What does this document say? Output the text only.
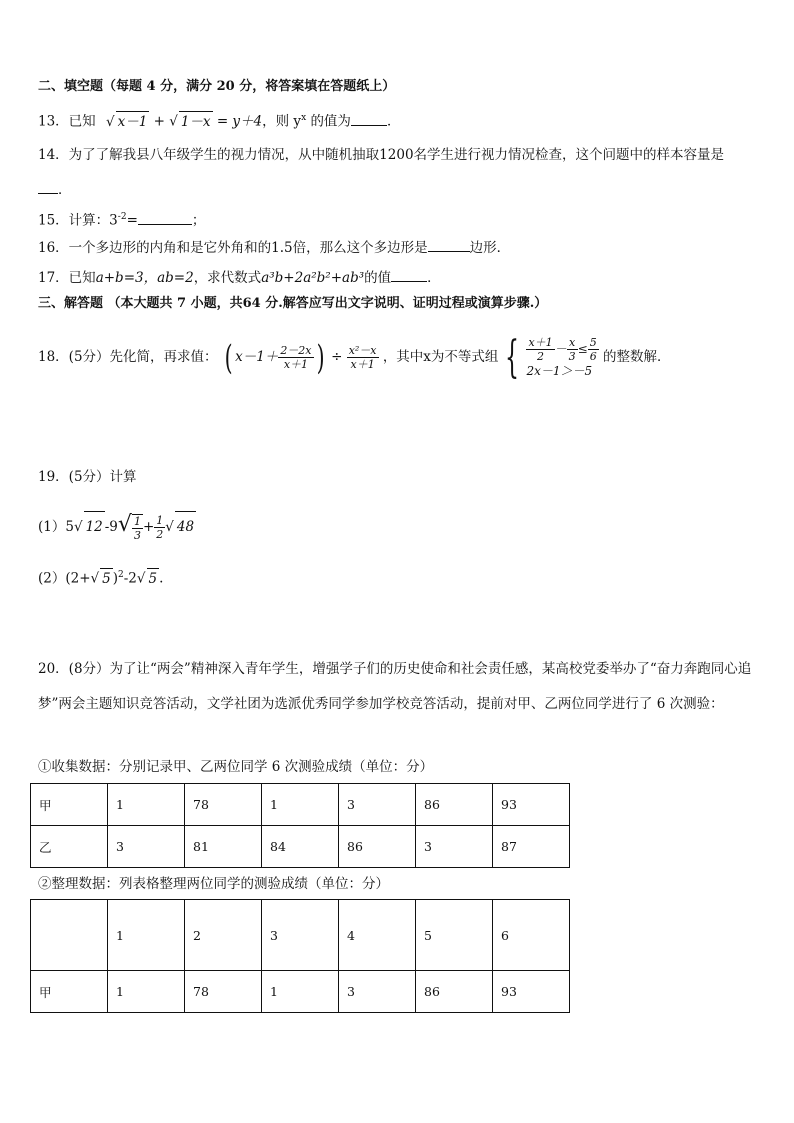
二、填空题（每题 4 分，满分 20 分，将答案填在答题纸上）
13．已知 √ x－1 + √ 1－x = y＋4，则 $y^x$ 的值为	．
14．为了了解我县八年级学生的视力情况，从中随机抽取1200名学生进行视力情况检查，这个问题中的样本容量是
．
15．计算：$3^{-2}=$	；
16．一个多边形的内角和是它外角和的1.5倍，那么这个多边形是	边形．
17．已知a+b=3，ab=2，求代数式a³b+2a²b²+ab³的值	．
三、解答题 （本大题共 7 小题，共64 分.解答应写出文字说明、证明过程或演算步骤.）
18．(5分）先化简，再求值： ( $x-1+ \frac{2-2x}{x+1}$ ) ÷ $\frac{\text{x²－x}}{x+1}$ ，其中x为不等式组 { $\frac{x+1}{2} - \frac{x}{3} \le \frac{5}{6}$
2x－1＞－5
的整数解．
19．(5分）计算
(1）5√ 12 $-9√ \frac{1}{3} + \frac{1}{2}$ √ 48
(2）(2+√ 5 )$^2$-2√ 5 .
20．(8分）为了让“两会”精神深入青年学生，增强学子们的历史使命和社会责任感，某高校党委举办了“奋力奔跑同心追梦”两会主题知识竞答活动，文学社团为选派优秀同学参加学校竞答活动，提前对甲、乙两位同学进行了 6 次测验：
①收集数据：分别记录甲、乙两位同学 6 次测验成绩（单位：分）
甲	1	78	1	3	86	93
乙	3	81	84	86	3	87
②整理数据：列表格整理两位同学的测验成绩（单位：分）
	1	2	3	4	5	6
甲	1	78	1	3	86	93
